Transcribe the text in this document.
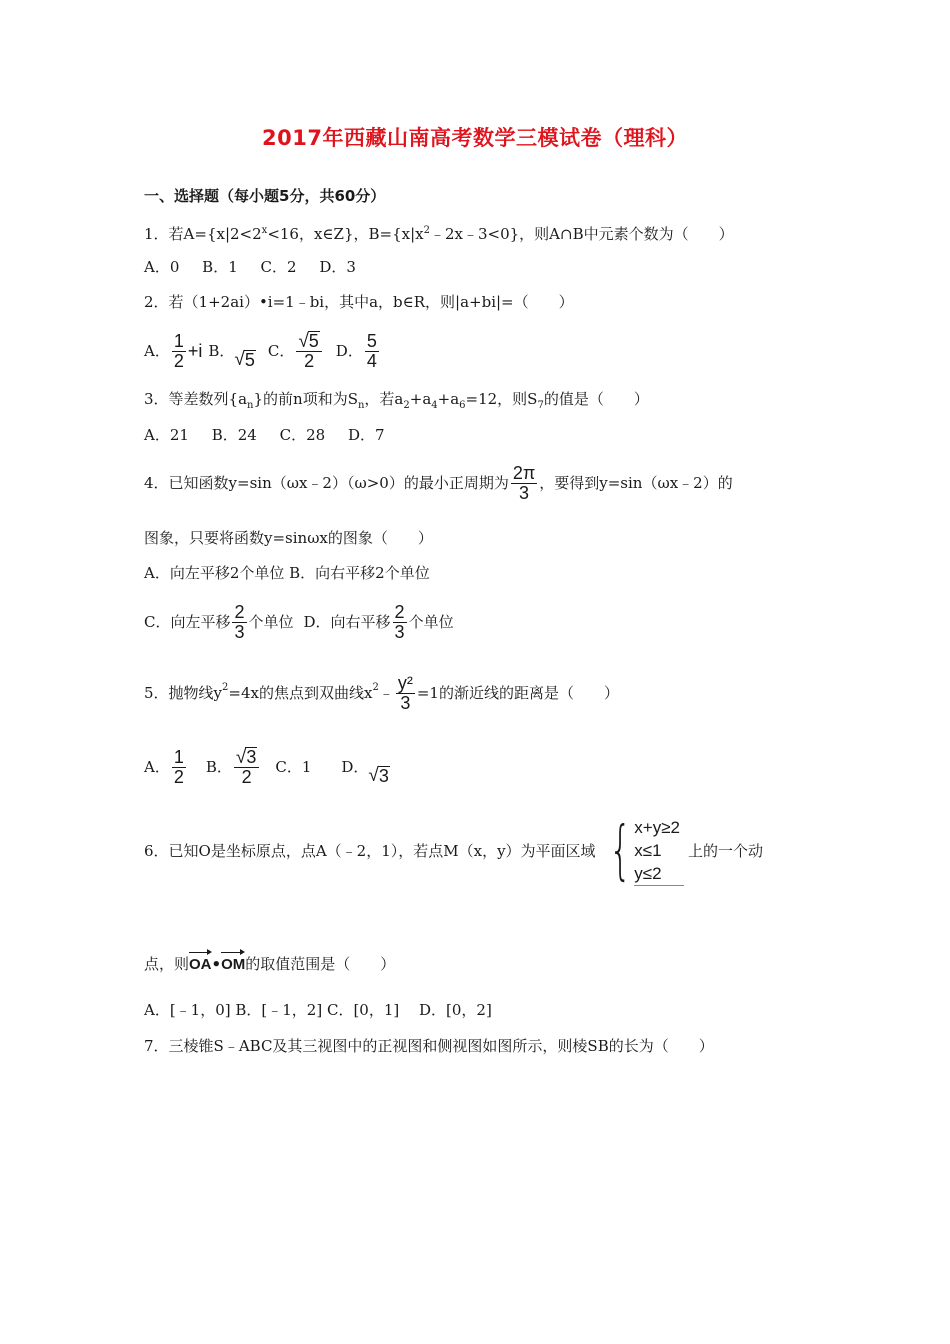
2017年西藏山南高考数学三模试卷（理科）
一、选择题（每小题5分，共60分）
1．若$A=\{x|2<2^x<16$，x∈Z}，$B=\{x|x^2﹣2x﹣3<0\}$，则A∩B中元素个数为（　　）
A．0 B．1 C．2 D．3
2．若（1+2ai）•i=1﹣bi，其中a，b∈R，则|a+bi|=（　　）
A． $\frac{1}{2} +i$ B． √ 5 C． $\frac{√ 5}{2}$ D． $\frac{5}{4}$
3．等差数列$\{a_n\}$的前n项和为$S_n$，若$a_2+a_4+a_6=12$，则$S_7$的值是（　　）
A．21 B．24 C．28 D．7
4．已知函数y=sin（ωx﹣2）（ω>0）的最小正周期为 $\frac{2\pi}{3}$ ，要得到y=sin（ωx﹣2）的
图象，只要将函数y=sinωx的图象（　　）
A．向左平移2个单位 B．向右平移2个单位
C．向左平移 $\frac{2}{3}$ 个单位 D．向右平移 $\frac{2}{3}$ 个单位
5．抛物线$y^2 =4x$的焦点到双曲线$x^2$ ﹣ $\frac{\text{y²}}{3} =1$的渐近线的距离是（　　）
A． $\frac{1}{2}$ B． $\frac{√ 3}{2}$ C．1 D． √ 3
6．已知O是坐标原点，点A（﹣2，1），若点M（x，y）为平面区域 { x+y≥2
x≤1
y≤2
上的一个动
点，则OA•OM的取值范围是（　　）
A．[﹣1，0] B．[﹣1，2] C．[0，1]　 D．[0，2]
7．三棱锥S﹣ABC及其三视图中的正视图和侧视图如图所示，则棱SB的长为（　　）
